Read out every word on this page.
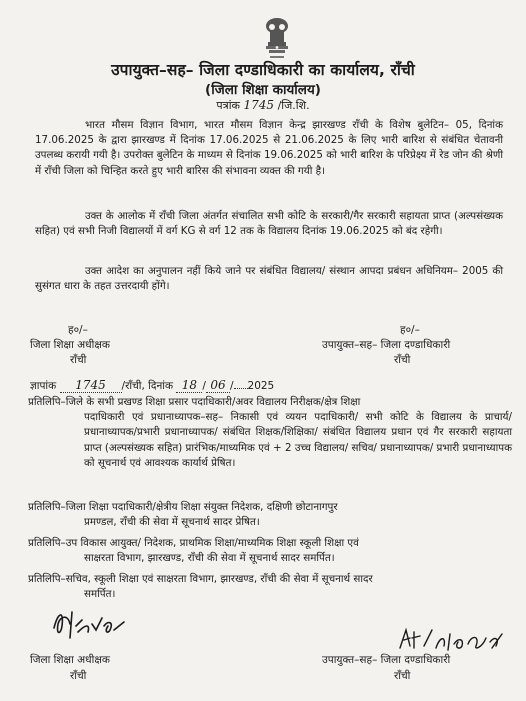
उपायुक्त–सह– जिला दण्डाधिकारी का कार्यालय, राँची
(जिला शिक्षा कार्यालय)
पत्रांक 1745 /जि.शि.
भारत मौसम विज्ञान विभाग, भारत मौसम विज्ञान केन्द्र झारखण्ड राँची के विशेष बुलेटिन– 05, दिनांक 17.06.2025 के द्वारा झारखण्ड में दिनांक 17.06.2025 से 21.06.2025 के लिए भारी बारिश से संबंधित चेतावनी उपलब्ध करायी गयी है। उपरोक्त बुलेटिन के माध्यम से दिनांक 19.06.2025 को भारी बारिश के परिप्रेक्ष्य में रेड जोन की श्रेणी में राँची जिला को चिन्हित करते हुए भारी बारिस की संभावना व्यक्त की गयी है।
उक्त के आलोक में राँची जिला अंतर्गत संचालित सभी कोटि के सरकारी/गैर सरकारी सहायता प्राप्त (अल्पसंख्यक सहित) एवं सभी निजी विद्यालयों में वर्ग KG से वर्ग 12 तक के विद्यालय दिनांक 19.06.2025 को बंद रहेगी।
उक्त आदेश का अनुपालन नहीं किये जाने पर संबंधित विद्यालय/ संस्थान आपदा प्रबंधन अधिनियम– 2005 की सुसंगत धारा के तहत उत्तरदायी होंगे।
ह०/–
जिला शिक्षा अधीक्षक
राँची
ह०/–
उपायुक्त–सह– जिला दण्डाधिकारी
राँची
ज्ञापांक 1745 /राँची, दिनांक 18 / 06 / 2025
प्रतिलिपि–जिले के सभी प्रखण्ड शिक्षा प्रसार पदाधिकारी/अवर विद्यालय निरीक्षक/क्षेत्र शिक्षा
पदाधिकारी एवं प्रधानाध्यापक–सह– निकासी एवं व्ययन पदाधिकारी/ सभी कोटि के विद्यालय के प्राचार्य/प्रधानाध्यापक/प्रभारी प्रधानाध्यापक/ संबंधित शिक्षक/शिक्षिका/ संबंधित विद्यालय प्रधान एवं गैर सरकारी सहायता प्राप्त (अल्पसंख्यक सहित) प्रारंभिक/माध्यमिक एवं + 2 उच्च विद्यालय/ सचिव/ प्रधानाध्यापक/ प्रभारी प्रधानाध्यापक को सूचनार्थ एवं आवश्यक कार्यार्थ प्रेषित।
प्रतिलिपि–जिला शिक्षा पदाधिकारी/क्षेत्रीय शिक्षा संयुक्त निदेशक, दक्षिणी छोटानागपुर
प्रमण्डल, राँची की सेवा में सूचनार्थ सादर प्रेषित।
प्रतिलिपि–उप विकास आयुक्त/ निदेशक, प्राथमिक शिक्षा/माध्यमिक शिक्षा स्कूली शिक्षा एवं
साक्षरता विभाग, झारखण्ड, राँची की सेवा में सूचनार्थ सादर समर्पित।
प्रतिलिपि–सचिव, स्कूली शिक्षा एवं साक्षरता विभाग, झारखण्ड, राँची की सेवा में सूचनार्थ सादर
समर्पित।
जिला शिक्षा अधीक्षक
राँची
उपायुक्त–सह– जिला दण्डाधिकारी
राँची
